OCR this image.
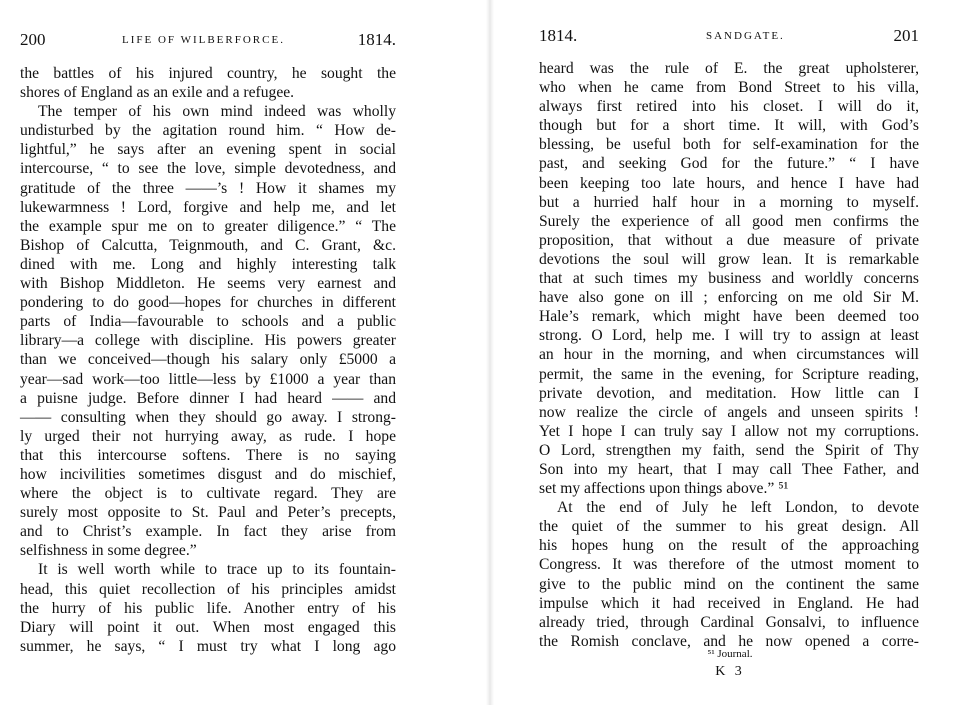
200	LIFE OF WILBERFORCE.	1814.
the battles of his injured country, he sought the
shores of England as an exile and a refugee.
The temper of his own mind indeed was wholly
undisturbed by the agitation round him. “ How de-
lightful,” he says after an evening spent in social
intercourse, “ to see the love, simple devotedness, and
gratitude of the three ——’s ! How it shames my
lukewarmness ! Lord, forgive and help me, and let
the example spur me on to greater diligence.” “ The
Bishop of Calcutta, Teignmouth, and C. Grant, &c.
dined with me. Long and highly interesting talk
with Bishop Middleton. He seems very earnest and
pondering to do good—hopes for churches in different
parts of India—favourable to schools and a public
library—a college with discipline. His powers greater
than we conceived—though his salary only £5000 a
year—sad work—too little—less by £1000 a year than
a puisne judge. Before dinner I had heard —— and
—— consulting when they should go away. I strong-
ly urged their not hurrying away, as rude. I hope
that this intercourse softens. There is no saying
how incivilities sometimes disgust and do mischief,
where the object is to cultivate regard. They are
surely most opposite to St. Paul and Peter’s precepts,
and to Christ’s example. In fact they arise from
selfishness in some degree.”
It is well worth while to trace up to its fountain-
head, this quiet recollection of his principles amidst
the hurry of his public life. Another entry of his
Diary will point it out. When most engaged this
summer, he says, “ I must try what I long ago
1814.	SANDGATE.	201
heard was the rule of E. the great upholsterer,
who when he came from Bond Street to his villa,
always first retired into his closet. I will do it,
though but for a short time. It will, with God’s
blessing, be useful both for self-examination for the
past, and seeking God for the future.” “ I have
been keeping too late hours, and hence I have had
but a hurried half hour in a morning to myself.
Surely the experience of all good men confirms the
proposition, that without a due measure of private
devotions the soul will grow lean. It is remarkable
that at such times my business and worldly concerns
have also gone on ill ; enforcing on me old Sir M.
Hale’s remark, which might have been deemed too
strong. O Lord, help me. I will try to assign at least
an hour in the morning, and when circumstances will
permit, the same in the evening, for Scripture reading,
private devotion, and meditation. How little can I
now realize the circle of angels and unseen spirits !
Yet I hope I can truly say I allow not my corruptions.
O Lord, strengthen my faith, send the Spirit of Thy
Son into my heart, that I may call Thee Father, and
set my affections upon things above.” ⁵¹
At the end of July he left London, to devote
the quiet of the summer to his great design. All
his hopes hung on the result of the approaching
Congress. It was therefore of the utmost moment to
give to the public mind on the continent the same
impulse which it had received in England. He had
already tried, through Cardinal Gonsalvi, to influence
the Romish conclave, and he now opened a corre-
⁵¹ Journal.
K 3
